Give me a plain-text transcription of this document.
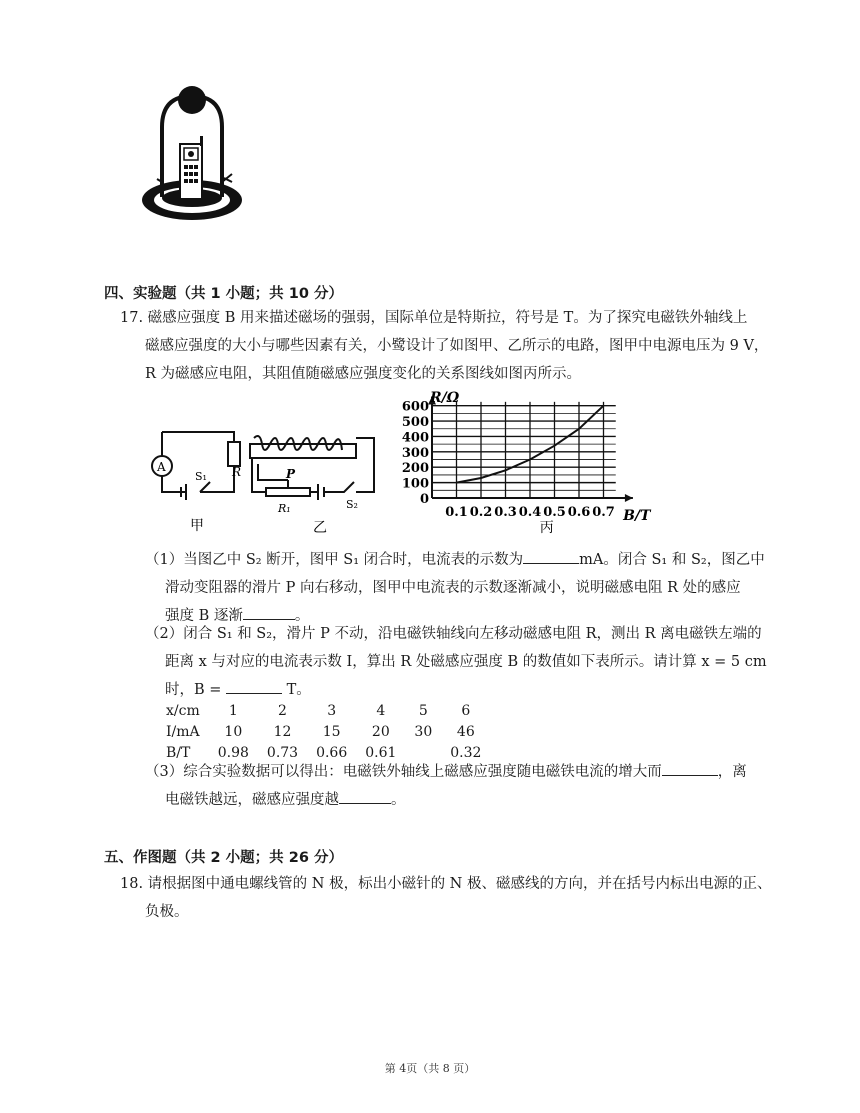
四、实验题（共 1 小题；共 10 分）
17. 磁感应强度 B 用来描述磁场的强弱，国际单位是特斯拉，符号是 T。为了探究电磁铁外轴线上
磁感应强度的大小与哪些因素有关，小鹭设计了如图甲、乙所示的电路，图甲中电源电压为 9 V，
R 为磁感应电阻，其阻值随磁感应强度变化的关系图线如图丙所示。
A
S₁ R
甲
P
R₁	S₂
乙
0.1 0.2 0.3 0.4 0.5 0.6 0.7
100
200
300
400
500
600
0
R/Ω
B/T
丙
（1）当图乙中 S₂ 断开，图甲 S₁ 闭合时，电流表的示数为	mA。闭合 S₁ 和 S₂，图乙中
滑动变阻器的滑片 P 向右移动，图甲中电流表的示数逐渐减小，说明磁感电阻 R 处的感应
强度 B 逐渐	。
（2）闭合 S₁ 和 S₂，滑片 P 不动，沿电磁铁轴线向左移动磁感电阻 R，测出 R 离电磁铁左端的
距离 x 与对应的电流表示数 I，算出 R 处磁感应强度 B 的数值如下表所示。请计算 x = 5 cm
时，B =	T。
x/cm	1	2	3	4	5	6
I/mA	10	12	15	20	30	46
B/T	0.98	0.73	0.66	0.61		0.32
（3）综合实验数据可以得出：电磁铁外轴线上磁感应强度随电磁铁电流的增大而	，离
电磁铁越远，磁感应强度越	。
五、作图题（共 2 小题；共 26 分）
18. 请根据图中通电螺线管的 N 极，标出小磁针的 N 极、磁感线的方向，并在括号内标出电源的正、
负极。
第 4页（共 8 页）
